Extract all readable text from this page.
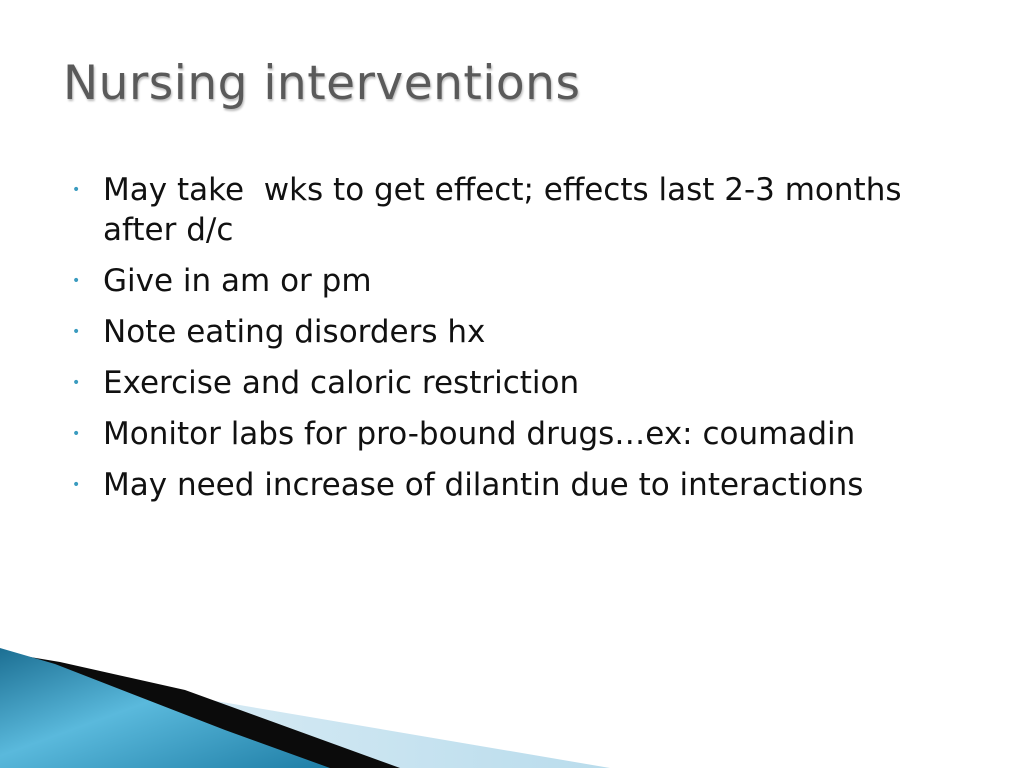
Nursing interventions
• May take  wks to get effect; effects last 2-3 months after d/c
• Give in am or pm
• Note eating disorders hx
• Exercise and caloric restriction
• Monitor labs for pro-bound drugs…ex: coumadin
• May need increase of dilantin due to interactions
